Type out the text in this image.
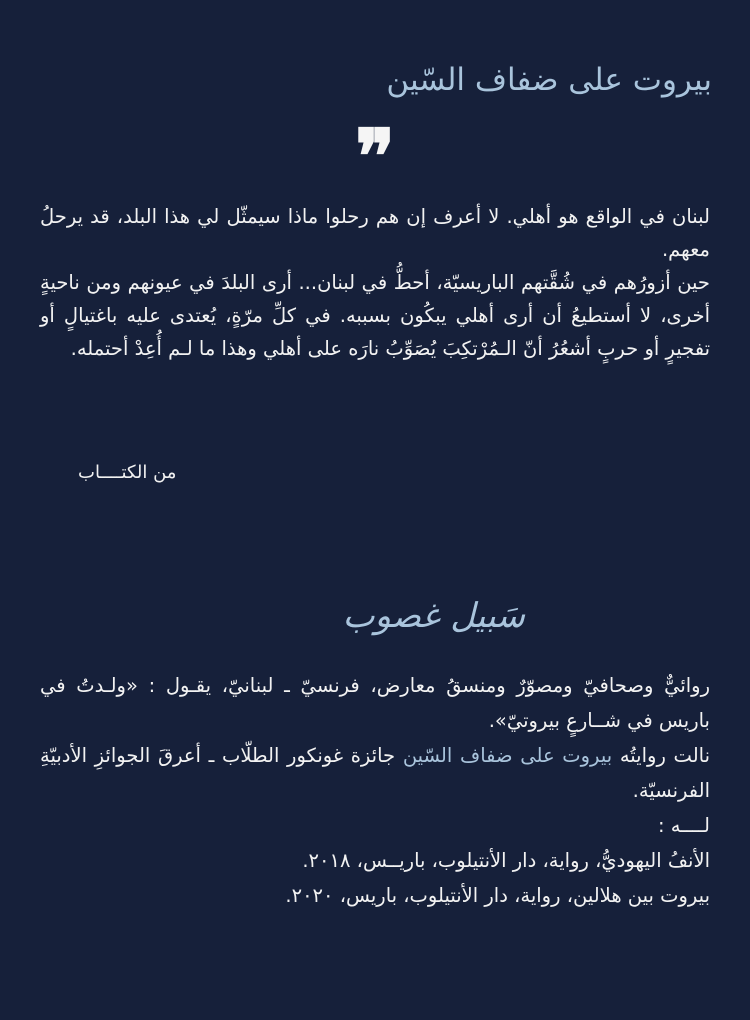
بيروت على ضفاف السّين
❞

لبنان في الواقع هو أهلي. لا أعرف إن هم رحلوا ماذا سيمثّل لي هذا البلد، قد يرحلُ معهم.

حين أزورُهم في شُقَّتهم الباريسيّة، أحطُّ في لبنان... أرى البلدَ في عيونهم ومن ناحيةٍ أخرى، لا أستطيعُ أن أرى أهلي يبكُون بسببه. في كلِّ مرّةٍ، يُعتدى عليه باغتيالٍ أو تفجيرٍ أو حربٍ أشعُرُ أنّ الـمُرْتكِبَ يُصَوِّبُ نارَه على أهلي وهذا ما لـم أُعِدْ أحتمله.

من الكتــــاب
سَبيل غصوب

روائيٌّ وصحافيّ ومصوّرٌ ومنسقُ معارض، فرنسيّ ـ لبنانيّ، يقـول : «ولـدتُ في باريس في شــارعٍ بيروتيّ».

نالت روايتُه بيروت على ضفاف السّين جائزة غونكور الطلّاب ـ أعرقَ الجوائزِ الأدبيّةِ الفرنسيّة.

لــــه :

الأنفُ اليهوديُّ، رواية، دار الأنتيلوب، باريــس، ٢٠١٨.

بيروت بين هلالين، رواية، دار الأنتيلوب، باريس، ٢٠٢٠.
